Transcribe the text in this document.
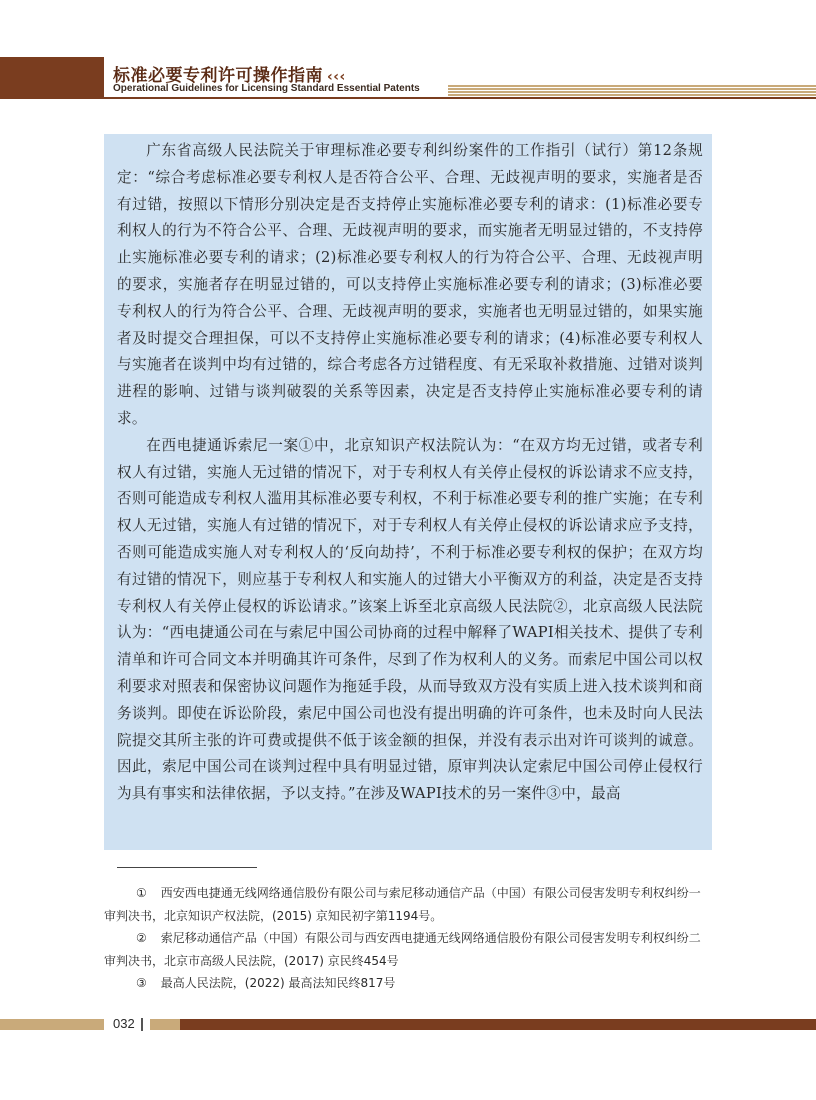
标准必要专利许可操作指南 ‹‹‹
Operational Guidelines for Licensing Standard Essential Patents

广东省高级人民法院关于审理标准必要专利纠纷案件的工作指引（试行）第12条规定：“综合考虑标准必要专利权人是否符合公平、合理、无歧视声明的要求，实施者是否有过错，按照以下情形分别决定是否支持停止实施标准必要专利的请求：(1)标准必要专利权人的行为不符合公平、合理、无歧视声明的要求，而实施者无明显过错的，不支持停止实施标准必要专利的请求；(2)标准必要专利权人的行为符合公平、合理、无歧视声明的要求，实施者存在明显过错的，可以支持停止实施标准必要专利的请求；(3)标准必要专利权人的行为符合公平、合理、无歧视声明的要求，实施者也无明显过错的，如果实施者及时提交合理担保，可以不支持停止实施标准必要专利的请求；(4)标准必要专利权人与实施者在谈判中均有过错的，综合考虑各方过错程度、有无采取补救措施、过错对谈判进程的影响、过错与谈判破裂的关系等因素，决定是否支持停止实施标准必要专利的请求。

在西电捷通诉索尼一案①中，北京知识产权法院认为：“在双方均无过错，或者专利权人有过错，实施人无过错的情况下，对于专利权人有关停止侵权的诉讼请求不应支持，否则可能造成专利权人滥用其标准必要专利权，不利于标准必要专利的推广实施；在专利权人无过错，实施人有过错的情况下，对于专利权人有关停止侵权的诉讼请求应予支持，否则可能造成实施人对专利权人的‘反向劫持’，不利于标准必要专利权的保护；在双方均有过错的情况下，则应基于专利权人和实施人的过错大小平衡双方的利益，决定是否支持专利权人有关停止侵权的诉讼请求。”该案上诉至北京高级人民法院②，北京高级人民法院认为：“西电捷通公司在与索尼中国公司协商的过程中解释了WAPI相关技术、提供了专利清单和许可合同文本并明确其许可条件，尽到了作为权利人的义务。而索尼中国公司以权利要求对照表和保密协议问题作为拖延手段，从而导致双方没有实质上进入技术谈判和商务谈判。即使在诉讼阶段，索尼中国公司也没有提出明确的许可条件，也未及时向人民法院提交其所主张的许可费或提供不低于该金额的担保，并没有表示出对许可谈判的诚意。因此，索尼中国公司在谈判过程中具有明显过错，原审判决认定索尼中国公司停止侵权行为具有事实和法律依据，予以支持。”在涉及WAPI技术的另一案件③中，最高

① 西安西电捷通无线网络通信股份有限公司与索尼移动通信产品（中国）有限公司侵害发明专利权纠纷一审判决书，北京知识产权法院，(2015) 京知民初字第1194号。

② 索尼移动通信产品（中国）有限公司与西安西电捷通无线网络通信股份有限公司侵害发明专利权纠纷二审判决书，北京市高级人民法院，(2017) 京民终454号

③ 最高人民法院，(2022) 最高法知民终817号

032
